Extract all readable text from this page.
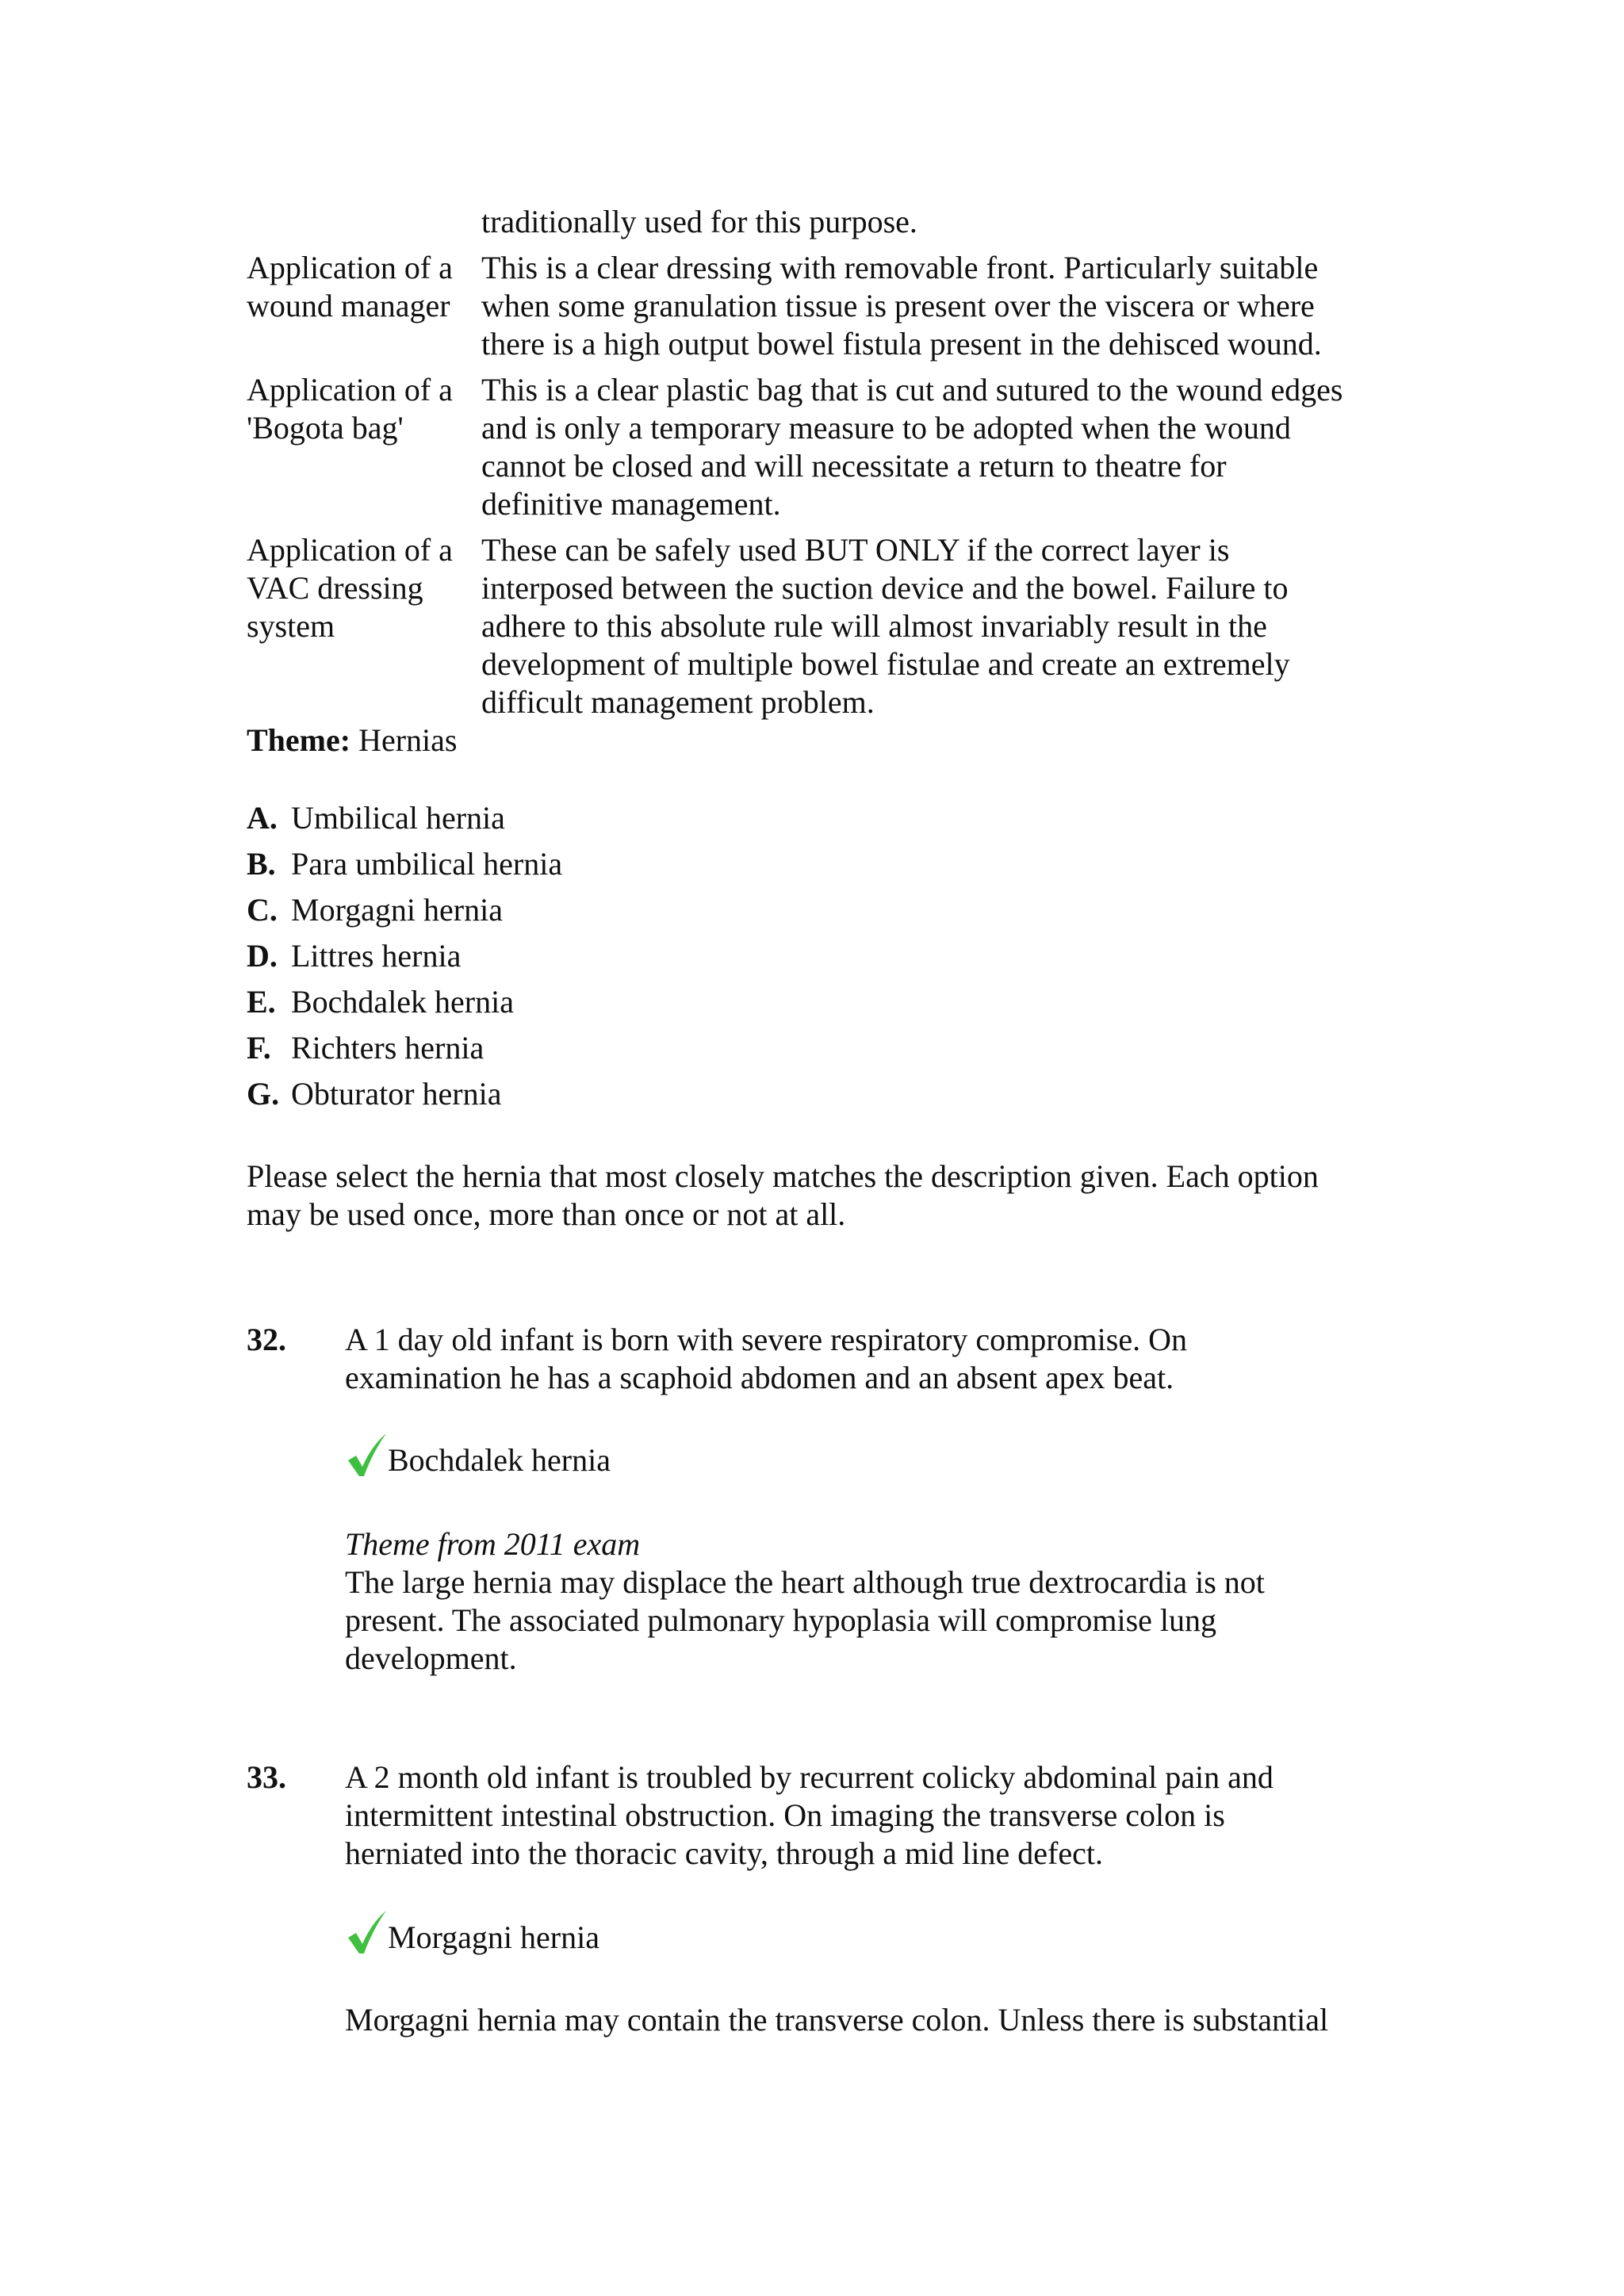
traditionally used for this purpose.
Application of a
wound manager
This is a clear dressing with removable front. Particularly suitable
when some granulation tissue is present over the viscera or where
there is a high output bowel fistula present in the dehisced wound.
Application of a
'Bogota bag'
This is a clear plastic bag that is cut and sutured to the wound edges
and is only a temporary measure to be adopted when the wound
cannot be closed and will necessitate a return to theatre for
definitive management.
Application of a
VAC dressing
system
These can be safely used BUT ONLY if the correct layer is
interposed between the suction device and the bowel. Failure to
adhere to this absolute rule will almost invariably result in the
development of multiple bowel fistulae and create an extremely
difficult management problem.
Theme: Hernias
A. Umbilical hernia
B. Para umbilical hernia
C. Morgagni hernia
D. Littres hernia
E. Bochdalek hernia
F. Richters hernia
G. Obturator hernia
Please select the hernia that most closely matches the description given. Each option
may be used once, more than once or not at all.
32. A 1 day old infant is born with severe respiratory compromise. On
examination he has a scaphoid abdomen and an absent apex beat.
Bochdalek hernia
Theme from 2011 exam
The large hernia may displace the heart although true dextrocardia is not
present. The associated pulmonary hypoplasia will compromise lung
development.
33. A 2 month old infant is troubled by recurrent colicky abdominal pain and
intermittent intestinal obstruction. On imaging the transverse colon is
herniated into the thoracic cavity, through a mid line defect.
Morgagni hernia
Morgagni hernia may contain the transverse colon. Unless there is substantial
